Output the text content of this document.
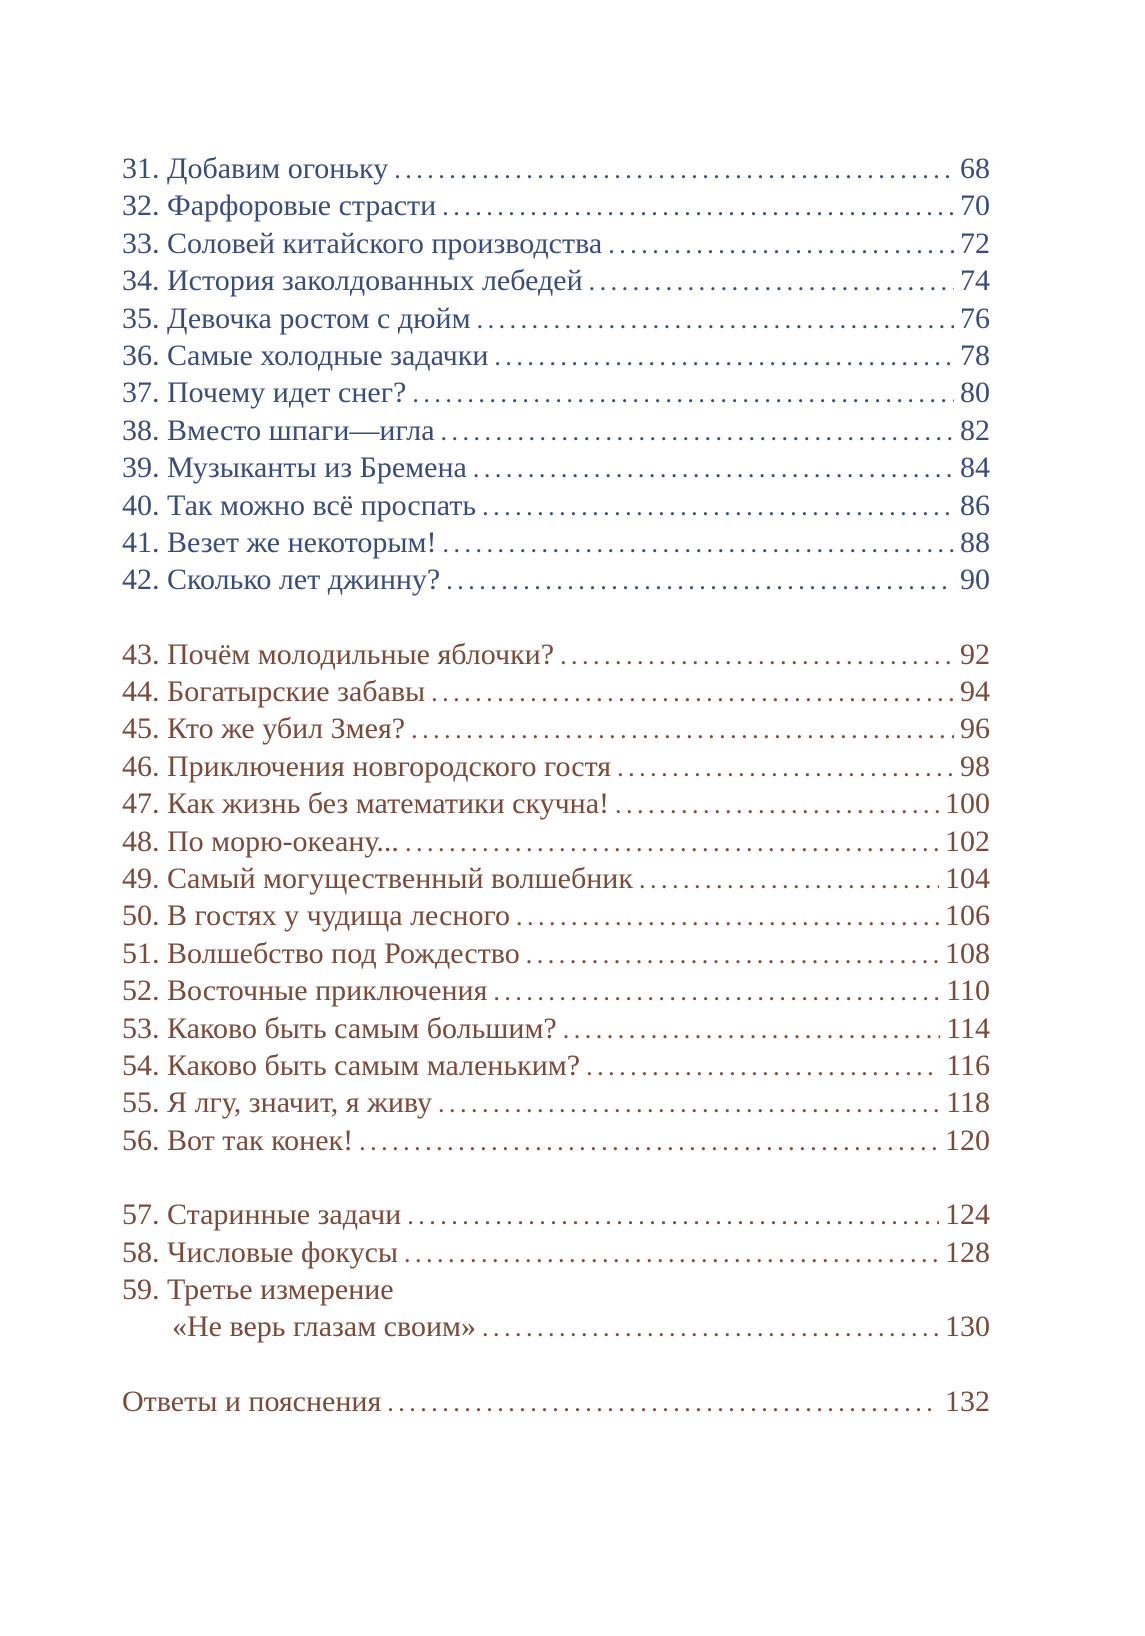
31. Добавим огоньку . . .	68
32. Фарфоровые страсти . . .	70
33. Соловей китайского производства . . .	72
34. История заколдованных лебедей . . .	74
35. Девочка ростом с дюйм . . .	76
36. Самые холодные задачки . . .	78
37. Почему идет снег? . . .	80
38. Вместо шпаги—игла . . .	82
39. Музыканты из Бремена . . .	84
40. Так можно всё проспать . . .	86
41. Везет же некоторым! . . .	88
42. Сколько лет джинну? . . .	90
43. Почём молодильные яблочки? . . .	92
44. Богатырские забавы . . .	94
45. Кто же убил Змея? . . .	96
46. Приключения новгородского гостя . . .	98
47. Как жизнь без математики скучна! . . .	100
48. По морю-океану... . . .	102
49. Самый могущественный волшебник . . .	104
50. В гостях у чудища лесного . . .	106
51. Волшебство под Рождество . . .	108
52. Восточные приключения . . .	110
53. Каково быть самым большим? . . .	114
54. Каково быть самым маленьким? . . .	116
55. Я лгу, значит, я живу . . .	118
56. Вот так конек! . . .	120
57. Старинные задачи . . .	124
58. Числовые фокусы . . .	128
59. Третье измерение
«Не верь глазам своим» . . .	130
Ответы и пояснения . . .	132
